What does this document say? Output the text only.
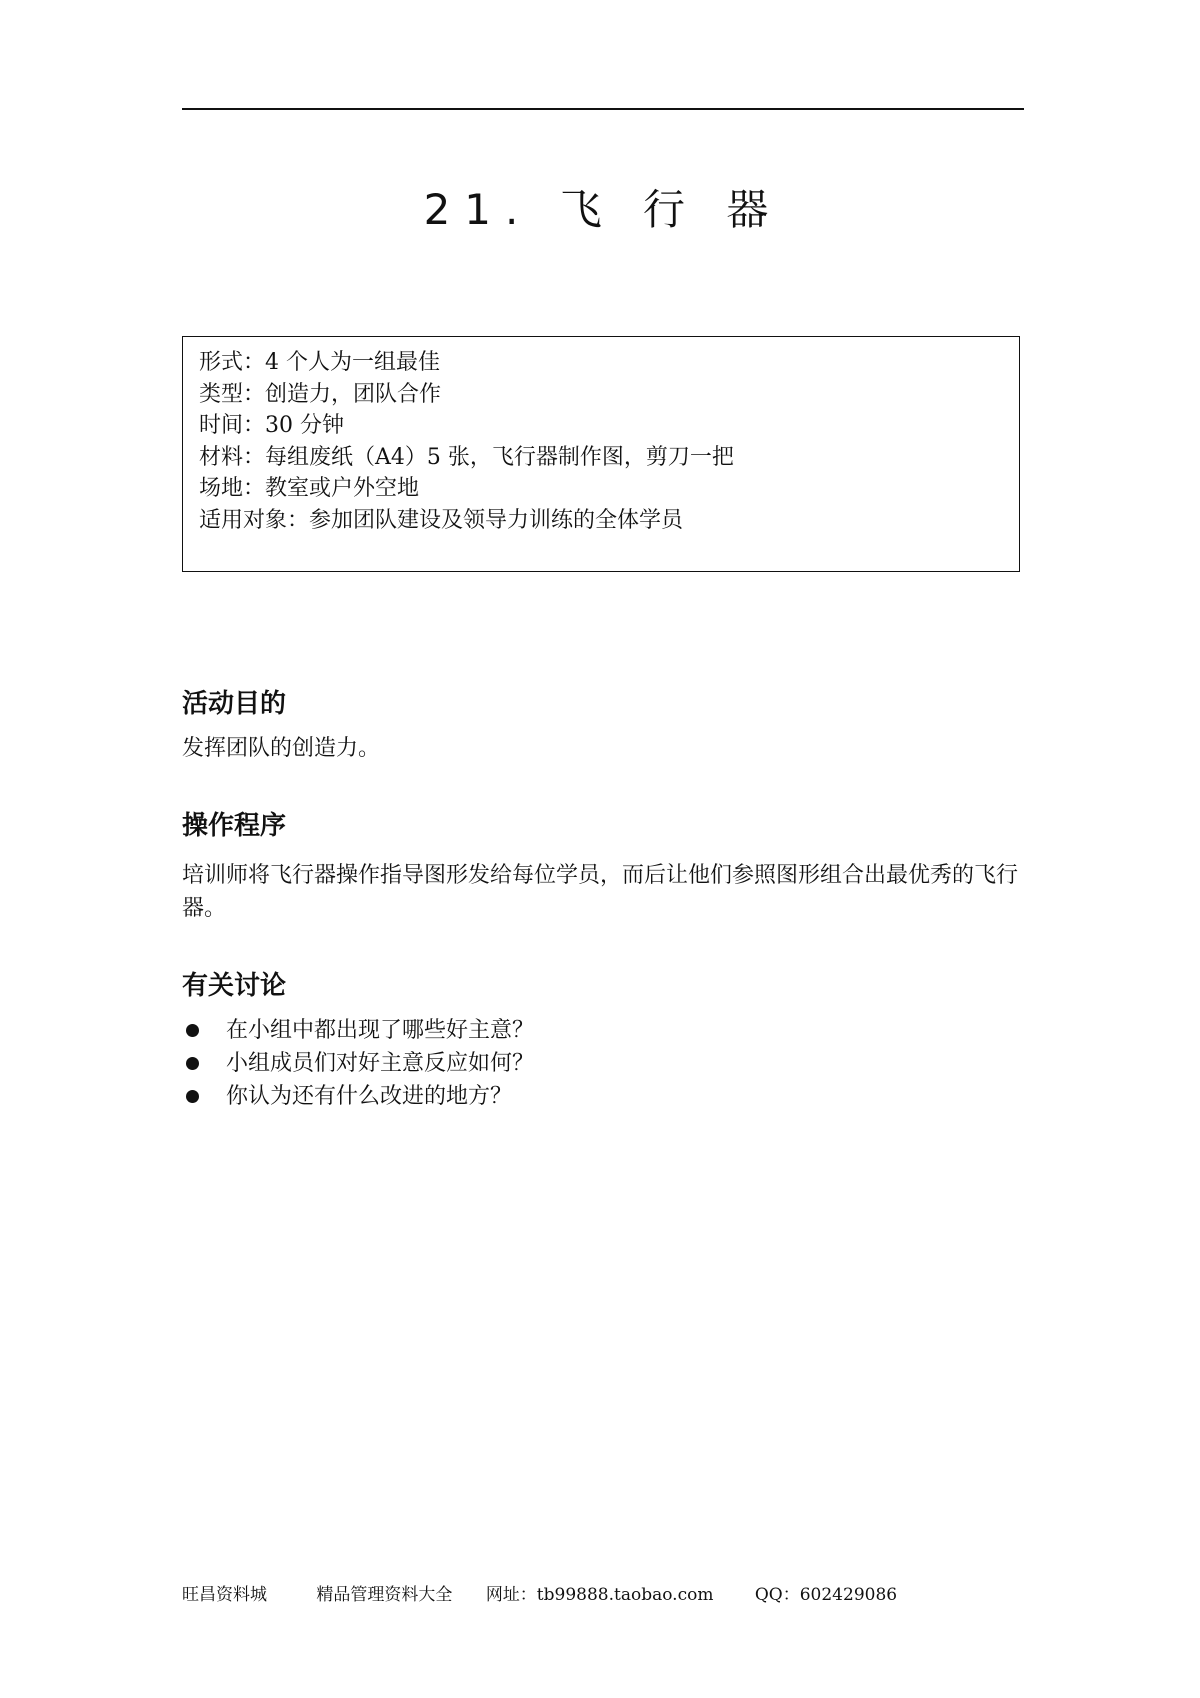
21. 飞 行 器
形式：4 个人为一组最佳
类型：创造力，团队合作
时间：30 分钟
材料：每组废纸（A4）5 张，飞行器制作图，剪刀一把
场地：教室或户外空地
适用对象：参加团队建设及领导力训练的全体学员
活动目的
发挥团队的创造力。
操作程序
培训师将飞行器操作指导图形发给每位学员，而后让他们参照图形组合出最优秀的飞行器。
有关讨论
在小组中都出现了哪些好主意？
小组成员们对好主意反应如何？
你认为还有什么改进的地方？
旺昌资料城	精品管理资料大全 网址：tb99888.taobao.com QQ：602429086
